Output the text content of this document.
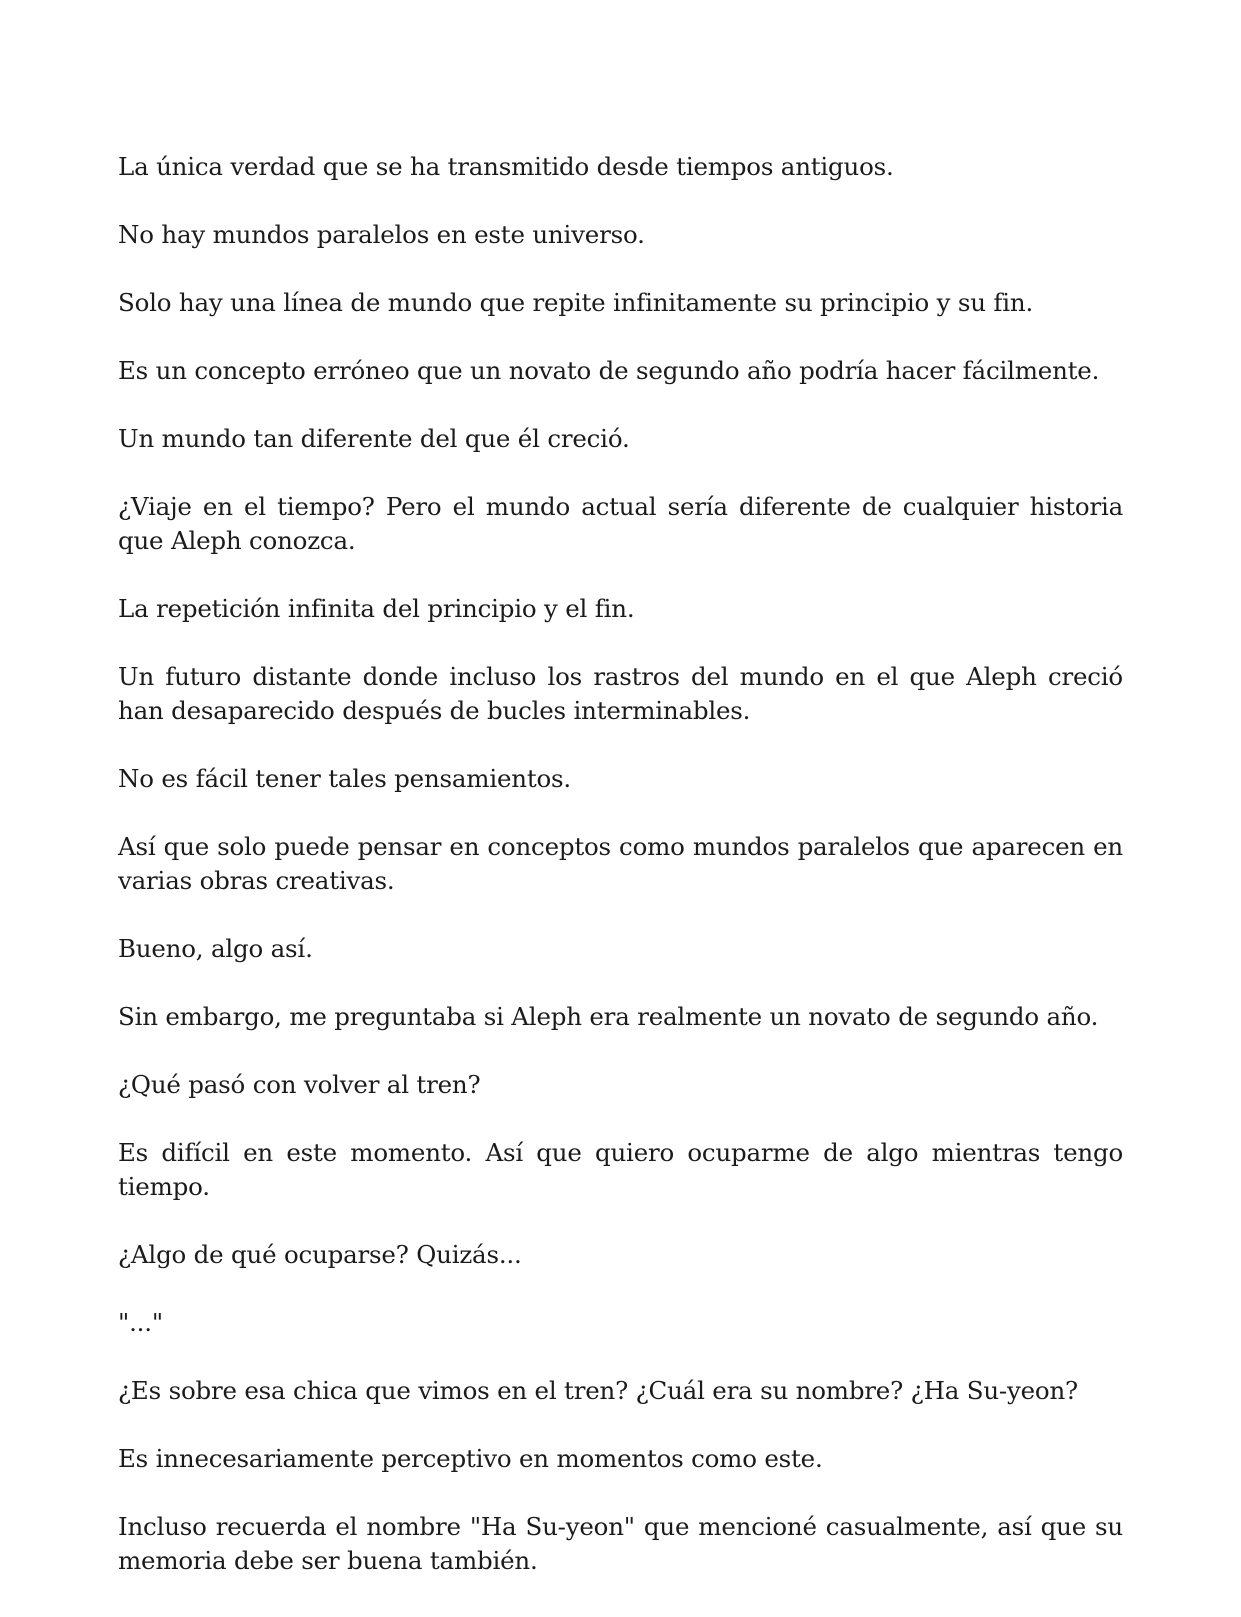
La única verdad que se ha transmitido desde tiempos antiguos.

No hay mundos paralelos en este universo.

Solo hay una línea de mundo que repite infinitamente su principio y su fin.

Es un concepto erróneo que un novato de segundo año podría hacer fácilmente.

Un mundo tan diferente del que él creció.

¿Viaje en el tiempo? Pero el mundo actual sería diferente de cualquier historia que Aleph conozca.

La repetición infinita del principio y el fin.

Un futuro distante donde incluso los rastros del mundo en el que Aleph creció han desaparecido después de bucles interminables.

No es fácil tener tales pensamientos.

Así que solo puede pensar en conceptos como mundos paralelos que aparecen en varias obras creativas.

Bueno, algo así.

Sin embargo, me preguntaba si Aleph era realmente un novato de segundo año.

¿Qué pasó con volver al tren?

Es difícil en este momento. Así que quiero ocuparme de algo mientras tengo tiempo.

¿Algo de qué ocuparse? Quizás...

"..."

¿Es sobre esa chica que vimos en el tren? ¿Cuál era su nombre? ¿Ha Su-yeon?

Es innecesariamente perceptivo en momentos como este.

Incluso recuerda el nombre "Ha Su-yeon" que mencioné casualmente, así que su memoria debe ser buena también.
